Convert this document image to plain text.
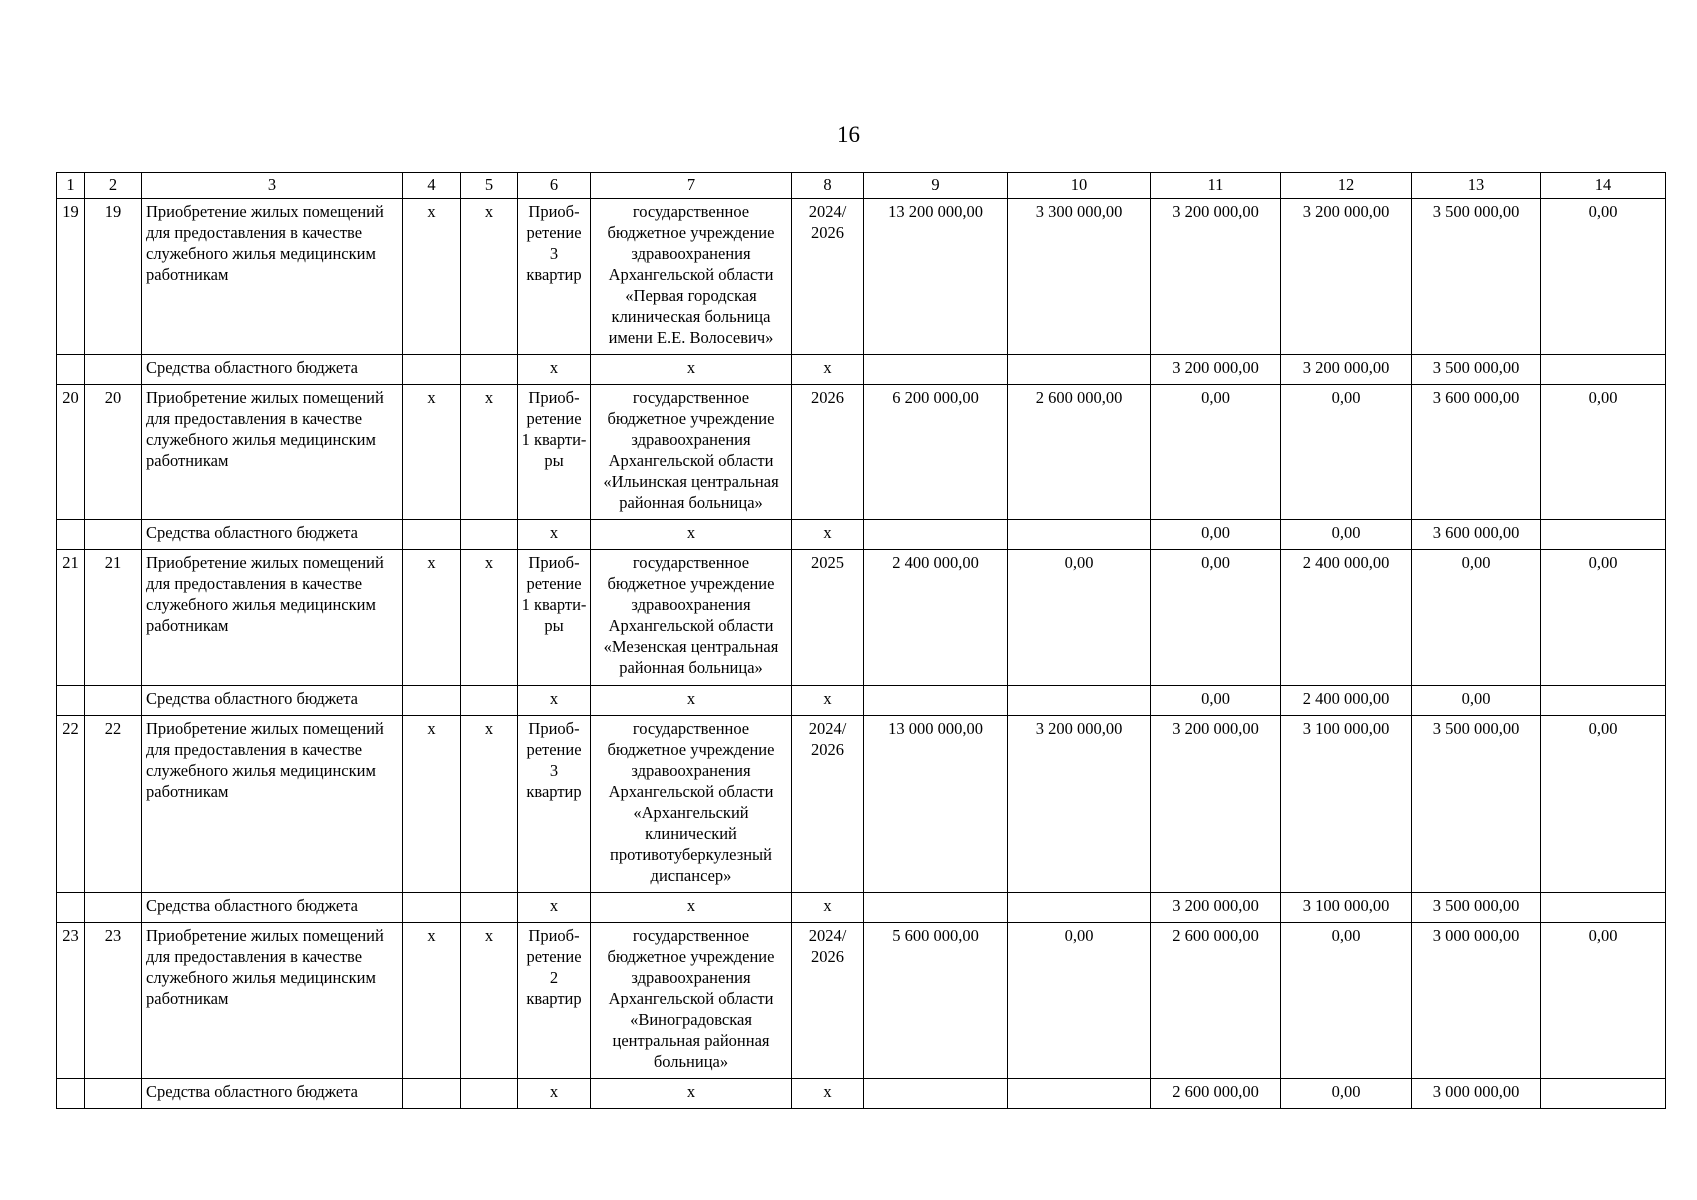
16
1	2	3	4	5	6	7	8	9	10	11	12	13	14
19	19	Приобретение жилых помещений для предоставления в качестве служебного жилья медицинским работникам	х	х	Приоб-ретение 3 квартир	государственное бюджетное учреждение здравоохранения Архангельской области «Первая городская клиническая больница имени Е.Е. Волосевич»	2024/ 2026	13 200 000,00	3 300 000,00	3 200 000,00	3 200 000,00	3 500 000,00	0,00
		Средства областного бюджета			х	х	х			3 200 000,00	3 200 000,00	3 500 000,00	
20	20	Приобретение жилых помещений для предоставления в качестве служебного жилья медицинским работникам	х	х	Приоб-ретение 1 кварти-ры	государственное бюджетное учреждение здравоохранения Архангельской области «Ильинская центральная районная больница»	2026	6 200 000,00	2 600 000,00	0,00	0,00	3 600 000,00	0,00
		Средства областного бюджета			х	х	х			0,00	0,00	3 600 000,00	
21	21	Приобретение жилых помещений для предоставления в качестве служебного жилья медицинским работникам	х	х	Приоб-ретение 1 кварти-ры	государственное бюджетное учреждение здравоохранения Архангельской области «Мезенская центральная районная больница»	2025	2 400 000,00	0,00	0,00	2 400 000,00	0,00	0,00
		Средства областного бюджета			х	х	х			0,00	2 400 000,00	0,00	
22	22	Приобретение жилых помещений для предоставления в качестве служебного жилья медицинским работникам	х	х	Приоб-ретение 3 квартир	государственное бюджетное учреждение здравоохранения Архангельской области «Архангельский клинический противотуберкулезный диспансер»	2024/ 2026	13 000 000,00	3 200 000,00	3 200 000,00	3 100 000,00	3 500 000,00	0,00
		Средства областного бюджета			х	х	х			3 200 000,00	3 100 000,00	3 500 000,00	
23	23	Приобретение жилых помещений для предоставления в качестве служебного жилья медицинским работникам	х	х	Приоб-ретение 2 квартир	государственное бюджетное учреждение здравоохранения Архангельской области «Виноградовская центральная районная больница»	2024/ 2026	5 600 000,00	0,00	2 600 000,00	0,00	3 000 000,00	0,00
		Средства областного бюджета			х	х	х			2 600 000,00	0,00	3 000 000,00	
